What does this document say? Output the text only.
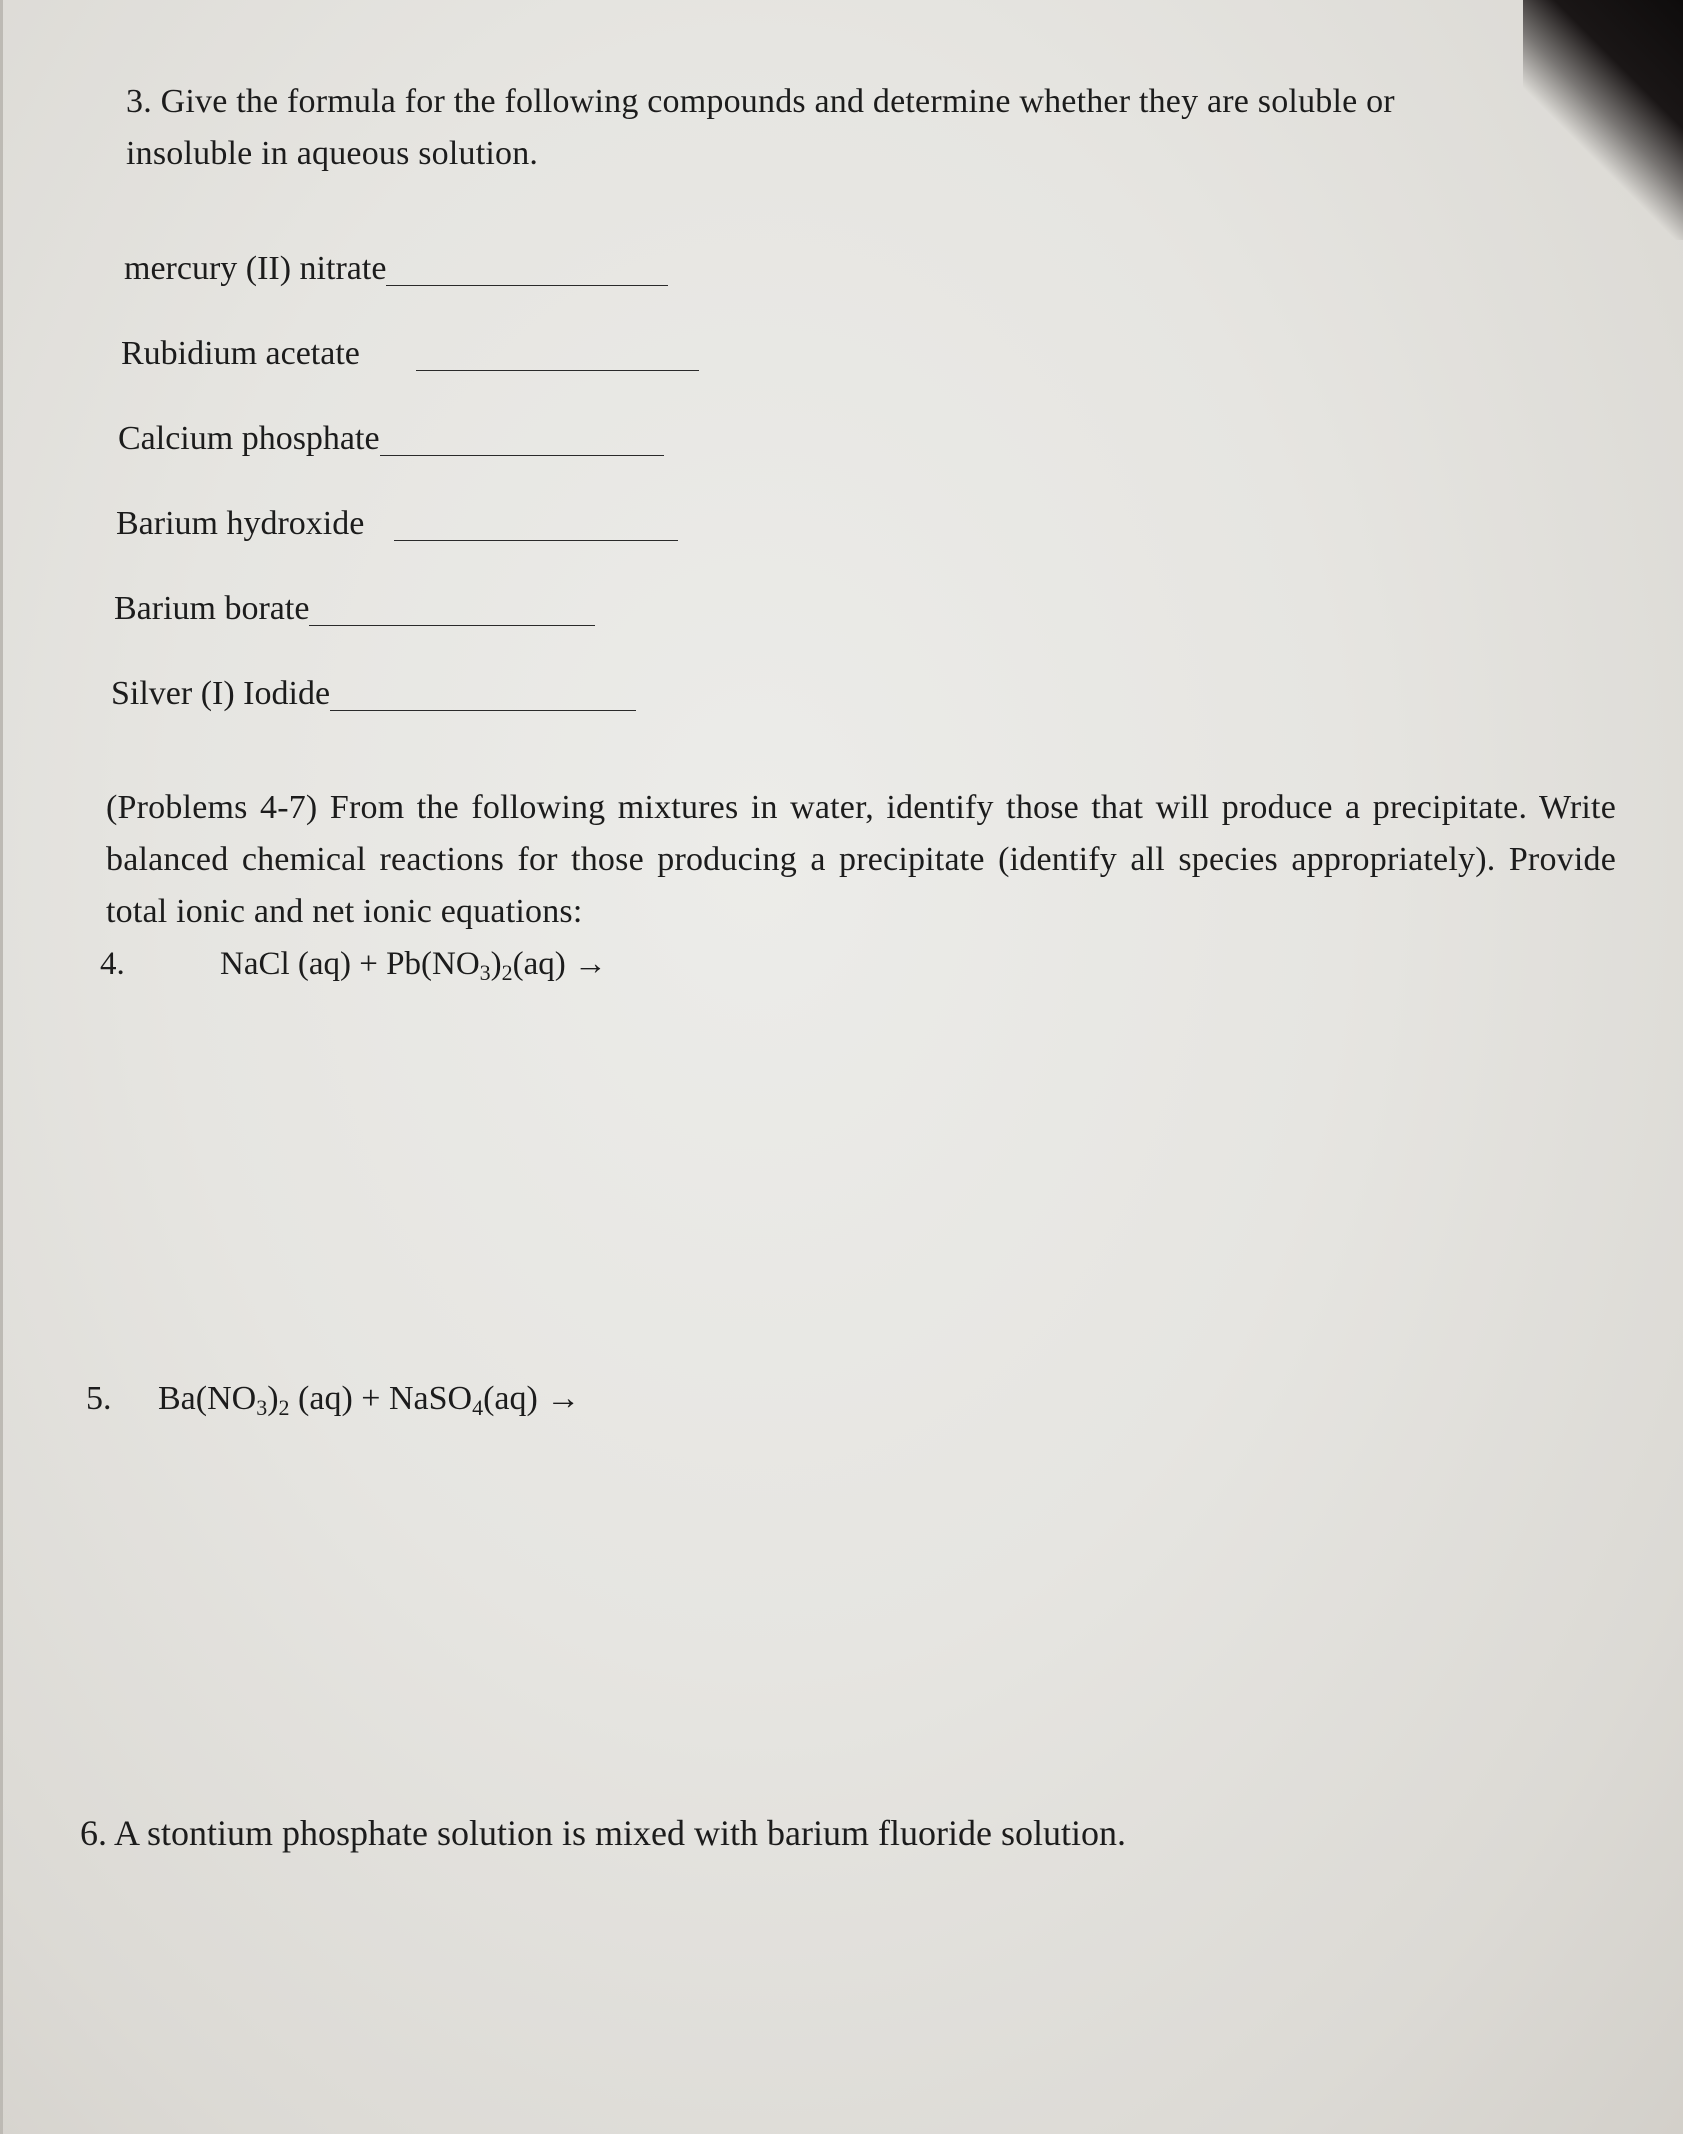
3. Give the formula for the following compounds and determine whether they are soluble or
insoluble in aqueous solution.
mercury (II) nitrate
Rubidium acetate
Calcium phosphate
Barium hydroxide
Barium borate
Silver (I) Iodide

(Problems 4-7) From the following mixtures in water, identify those that will produce a precipitate. Write balanced chemical reactions for those producing a precipitate (identify all species appropriately). Provide total ionic and net ionic equations:

4.	NaCl $(aq) + Pb(NO_3)_2(aq)$ →
5. $Ba(NO_3)_2$ (aq) + NaSO$_4$(aq) →
6. A stontium phosphate solution is mixed with barium fluoride solution.
